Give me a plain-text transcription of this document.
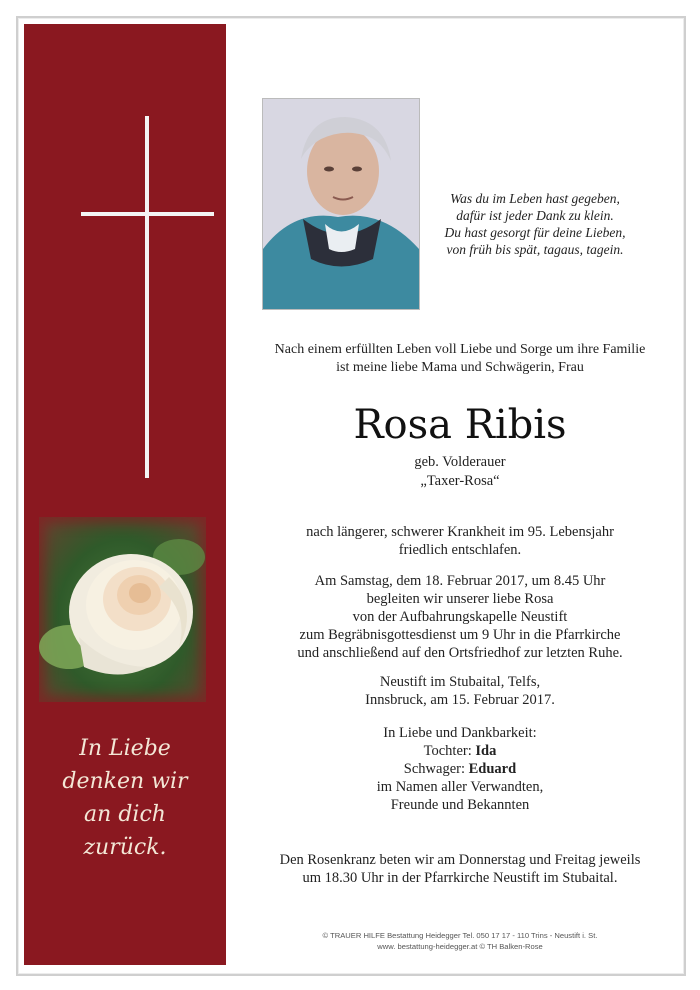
In Liebe
denken wir
an dich
zurück.
Was du im Leben hast gegeben,
dafür ist jeder Dank zu klein.
Du hast gesorgt für deine Lieben,
von früh bis spät, tagaus, tagein.
Nach einem erfüllten Leben voll Liebe und Sorge um ihre Familie
ist meine liebe Mama und Schwägerin, Frau
Rosa Ribis
geb. Volderauer
„Taxer-Rosa“
nach längerer, schwerer Krankheit im 95. Lebensjahr
friedlich entschlafen.
Am Samstag, dem 18. Februar 2017, um 8.45 Uhr
begleiten wir unserer liebe Rosa
von der Aufbahrungskapelle Neustift
zum Begräbnisgottesdienst um 9 Uhr in die Pfarrkirche
und anschließend auf den Ortsfriedhof zur letzten Ruhe.
Neustift im Stubaital, Telfs,
Innsbruck, am 15. Februar 2017.
In Liebe und Dankbarkeit:
Tochter: Ida
Schwager: Eduard
im Namen aller Verwandten,
Freunde und Bekannten
Den Rosenkranz beten wir am Donnerstag und Freitag jeweils
um 18.30 Uhr in der Pfarrkirche Neustift im Stubaital.
© TRAUER HILFE Bestattung Heidegger Tel. 050 17 17 - 110 Trins - Neustift i. St.
www. bestattung-heidegger.at © TH Balken-Rose
